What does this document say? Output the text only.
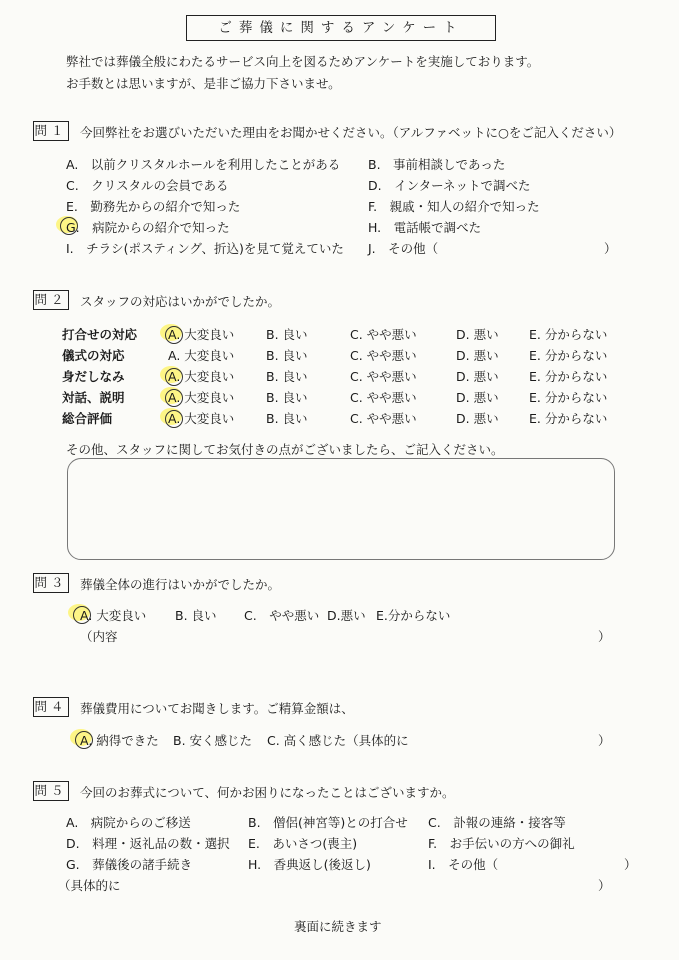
ご葬儀に関するアンケート
弊社では葬儀全般にわたるサービス向上を図るためアンケートを実施しております。
お手数とは思いますが、是非ご協力下さいませ。
問１ 今回弊社をお選びいただいた理由をお聞かせください。（アルファベットに○をご記入ください）
A.　以前クリスタルホールを利用したことがある B.　事前相談しであった
C.　クリスタルの会員である	D.　インターネットで調べた
E.　勤務先からの紹介で知った	F.　親戚・知人の紹介で知った
G.　病院からの紹介で知った	H.　電話帳で調べた
I.　チラシ(ポスティング、折込)を見て覚えていた J.　その他（	）
問２ スタッフの対応はいかがでしたか。
打合せの対応 A. 大変良い	B. 良い	C. やや悪い	D. 悪い E. 分からない
儀式の対応	A. 大変良い	B. 良い	C. やや悪い	D. 悪い E. 分からない
身だしなみ	A. 大変良い	B. 良い	C. やや悪い	D. 悪い E. 分からない
対話、説明	A. 大変良い	B. 良い	C. やや悪い	D. 悪い E. 分からない
総合評価	A. 大変良い	B. 良い	C. やや悪い	D. 悪い E. 分からない
その他、スタッフに関してお気付きの点がございましたら、ご記入ください。
問３ 葬儀全体の進行はいかがでしたか。
A. 大変良い B. 良い C.　やや悪い D.悪い E.分からない
（内容	）
問４ 葬儀費用についてお聞きします。ご精算金額は、
A. 納得できた B. 安く感じた C. 高く感じた（具体的に	）
問５ 今回のお葬式について、何かお困りになったことはございますか。
A.　病院からのご移送	B.　僧侶(神宮等)との打合せ C.　訃報の連絡・接客等
D.　料理・返礼品の数・選択 E.　あいさつ(喪主)	F.　お手伝いの方への御礼
G.　葬儀後の諸手続き	H.　香典返し(後返し)	I.　その他（	）
（具体的に	）
裏面に続きます
